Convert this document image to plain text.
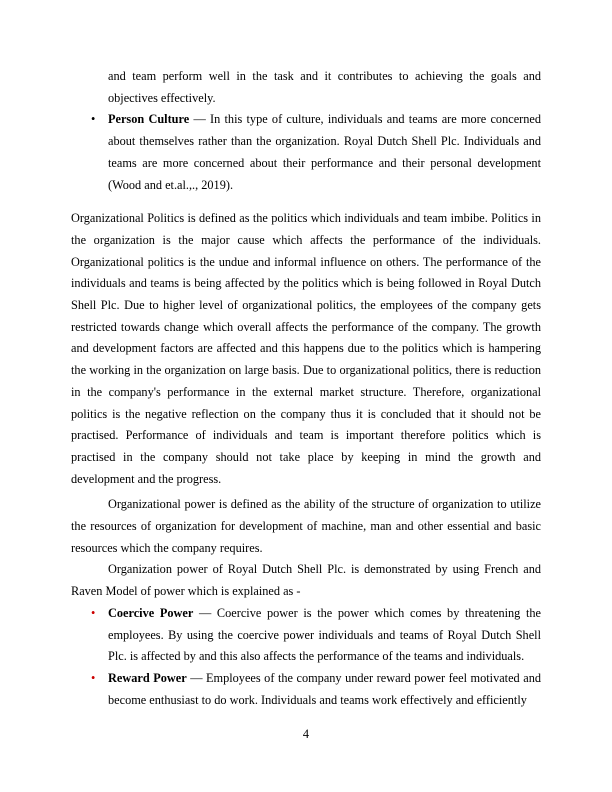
and team perform well in the task and it contributes to achieving the goals and objectives effectively.

• Person Culture — In this type of culture, individuals and teams are more concerned about themselves rather than the organization. Royal Dutch Shell Plc. Individuals and teams are more concerned about their performance and their personal development (Wood and et.al.,., 2019).

Organizational Politics is defined as the politics which individuals and team imbibe. Politics in the organization is the major cause which affects the performance of the individuals. Organizational politics is the undue and informal influence on others. The performance of the individuals and teams is being affected by the politics which is being followed in Royal Dutch Shell Plc. Due to higher level of organizational politics, the employees of the company gets restricted towards change which overall affects the performance of the company. The growth and development factors are affected and this happens due to the politics which is hampering the working in the organization on large basis. Due to organizational politics, there is reduction in the company's performance in the external market structure. Therefore, organizational politics is the negative reflection on the company thus it is concluded that it should not be practised. Performance of individuals and team is important therefore politics which is practised in the company should not take place by keeping in mind the growth and development and the progress.

Organizational power is defined as the ability of the structure of organization to utilize the resources of organization for development of machine, man and other essential and basic resources which the company requires.

Organization power of Royal Dutch Shell Plc. is demonstrated by using French and Raven Model of power which is explained as -

• Coercive Power — Coercive power is the power which comes by threatening the employees. By using the coercive power individuals and teams of Royal Dutch Shell Plc. is affected by and this also affects the performance of the teams and individuals.
• Reward Power — Employees of the company under reward power feel motivated and become enthusiast to do work. Individuals and teams work effectively and efficiently
4
